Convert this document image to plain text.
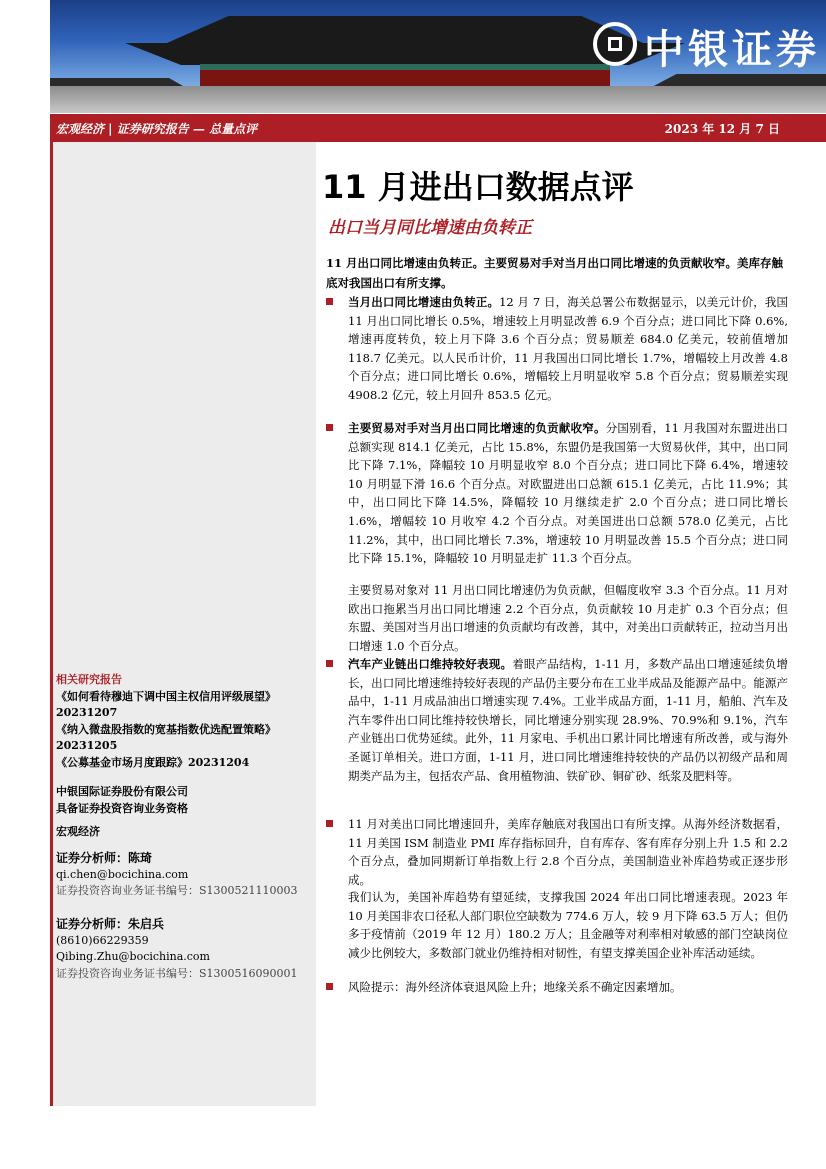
中银证券
宏观经济 | 证券研究报告 — 总量点评	2023 年 12 月 7 日
11 月进出口数据点评
出口当月同比增速由负转正
11 月出口同比增速由负转正。主要贸易对手对当月出口同比增速的负贡献收窄。美库存触底对我国出口有所支撑。
当月出口同比增速由负转正。12 月 7 日，海关总署公布数据显示，以美元计价，我国 11 月出口同比增长 0.5%，增速较上月明显改善 6.9 个百分点；进口同比下降 0.6%,增速再度转负，较上月下降 3.6 个百分点；贸易顺差 684.0 亿美元，较前值增加 118.7 亿美元。以人民币计价，11 月我国出口同比增长 1.7%，增幅较上月改善 4.8 个百分点；进口同比增长 0.6%，增幅较上月明显收窄 5.8 个百分点；贸易顺差实现 4908.2 亿元，较上月回升 853.5 亿元。
主要贸易对手对当月出口同比增速的负贡献收窄。分国别看，11 月我国对东盟进出口总额实现 814.1 亿美元，占比 15.8%，东盟仍是我国第一大贸易伙伴，其中，出口同比下降 7.1%，降幅较 10 月明显收窄 8.0 个百分点；进口同比下降 6.4%，增速较 10 月明显下滑 16.6 个百分点。对欧盟进出口总额 615.1 亿美元，占比 11.9%；其中，出口同比下降 14.5%，降幅较 10 月继续走扩 2.0 个百分点；进口同比增长 1.6%，增幅较 10 月收窄 4.2 个百分点。对美国进出口总额 578.0 亿美元，占比 11.2%，其中，出口同比增长 7.3%，增速较 10 月明显改善 15.5 个百分点；进口同比下降 15.1%，降幅较 10 月明显走扩 11.3 个百分点。
主要贸易对象对 11 月出口同比增速仍为负贡献，但幅度收窄 3.3 个百分点。11 月对欧出口拖累当月出口同比增速 2.2 个百分点，负贡献较 10 月走扩 0.3 个百分点；但东盟、美国对当月出口增速的负贡献均有改善，其中，对美出口贡献转正，拉动当月出口增速 1.0 个百分点。
汽车产业链出口维持较好表现。着眼产品结构，1-11 月，多数产品出口增速延续负增长，出口同比增速维持较好表现的产品仍主要分布在工业半成品及能源产品中。能源产品中，1-11 月成品油出口增速实现 7.4%。工业半成品方面，1-11 月，船舶、汽车及汽车零件出口同比维持较快增长，同比增速分别实现 28.9%、70.9%和 9.1%，汽车产业链出口优势延续。此外，11 月家电、手机出口累计同比增速有所改善，或与海外圣诞订单相关。进口方面，1-11 月，进口同比增速维持较快的产品仍以初级产品和周期类产品为主，包括农产品、食用植物油、铁矿砂、铜矿砂、纸浆及肥料等。
11 月对美出口同比增速回升，美库存触底对我国出口有所支撑。从海外经济数据看，11 月美国 ISM 制造业 PMI 库存指标回升，自有库存、客有库存分别上升 1.5 和 2.2 个百分点，叠加同期新订单指数上行 2.8 个百分点，美国制造业补库趋势或正逐步形成。
我们认为，美国补库趋势有望延续，支撑我国 2024 年出口同比增速表现。2023 年 10 月美国非农口径私人部门职位空缺数为 774.6 万人，较 9 月下降 63.5 万人；但仍多于疫情前（2019 年 12 月）180.2 万人；且金融等对利率相对敏感的部门空缺岗位减少比例较大，多数部门就业仍维持相对韧性，有望支撑美国企业补库活动延续。
风险提示：海外经济体衰退风险上升；地缘关系不确定因素增加。
相关研究报告
《如何看待穆迪下调中国主权信用评级展望》20231207
《纳入微盘股指数的宽基指数优选配置策略》20231205
《公募基金市场月度跟踪》20231204
中银国际证券股份有限公司
具备证券投资咨询业务资格
宏观经济
证券分析师：陈琦
qi.chen@bocichina.com
证券投资咨询业务证书编号：S1300521110003
证券分析师：朱启兵
(8610)66229359
Qibing.Zhu@bocichina.com
证券投资咨询业务证书编号：S1300516090001
